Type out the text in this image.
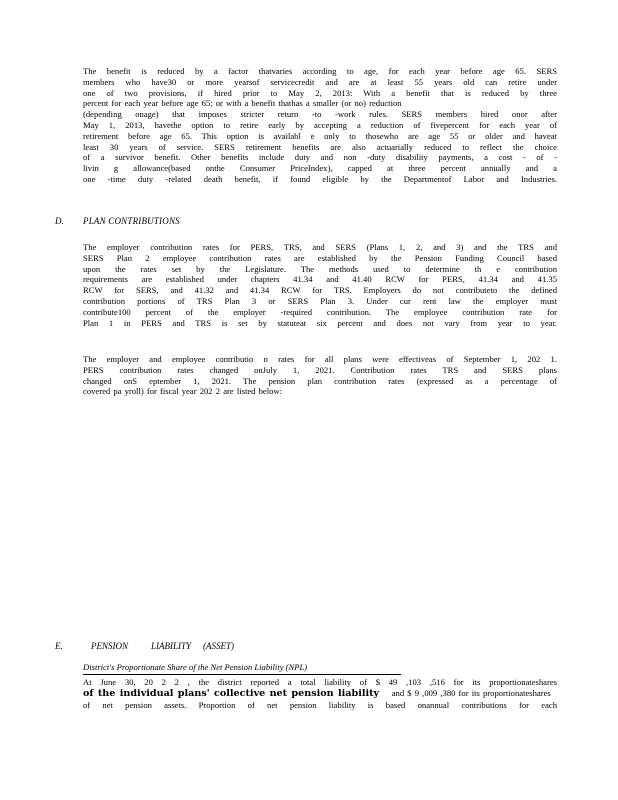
The benefit is reduced by a factor thatvaries according to age, for each year before age 65. SERS
members who have30 or more yearsof servicecredit and are at least 55 years old can retire under
one of two provisions, if hired prior to May 2, 2013: With a benefit that is reduced by three
percent for each year before age 65; or with a benefit thathas a smaller (or no) reduction
(depending onage) that imposes stricter return -to -work rules. SERS members hired onor after
May 1, 2013, havethe option to retire early by accepting a reduction of fivepercent for each year of
retirement before age 65. This option is availabl e only to thosewho are age 55 or older and haveat
least 30 years of service. SERS retirement benefits are also actuarially reduced to reflect the choice
of a survivor benefit. Other benefits include duty and non -duty disability payments, a cost - of -
livin g allowance(based onthe Consumer PriceIndex), capped at three percent annually and a
one -time duty -related death benefit, if found eligible by the Departmentof Labor and Industries.
D. PLAN CONTRIBUTIONS
The employer contribution rates for PERS, TRS, and SERS (Plans 1, 2, and 3) and the TRS and
SERS Plan 2 employee contribution rates are established by the Pension Funding Council based
upon the rates set by the Legislature. The methods used to determine th e contribution
requirements are established under chapters 41.34 and 41.40 RCW for PERS, 41.34 and 41.35
RCW for SERS, and 41.32 and 41.34 RCW for TRS. Employers do not contributeto the defined
contribution portions of TRS Plan 3 or SERS Plan 3. Under cur rent law the employer must
contribute100 percent of the employer -required contribution. The employee contribution rate for
Plan 1 in PERS and TRS is set by statuteat six percent and does not vary from year to year.
The employer and employee contributio n rates for all plans were effectiveas of September 1, 202 1.
PERS contribution rates changed onJuly 1, 2021. Contribution rates TRS and SERS plans
changed onS eptember 1, 2021. The pension plan contribution rates (expressed as a percentage of
covered pa yroll) for fiscal year 202 2 are listed below:
E.	PENSION	LIABILITY (ASSET)
District's Proportionate Share of the Net Pension Liability (NPL)
At June 30, 20 2 2 , the district reported a total liability of $ 49 ,103 ,516 for its proportionateshares
of the individual plans' collective net pension liability and $ 9 ,009 ,380 for its proportionateshares
of net pension assets. Proportion of net pension liability is based onannual contributions for each
